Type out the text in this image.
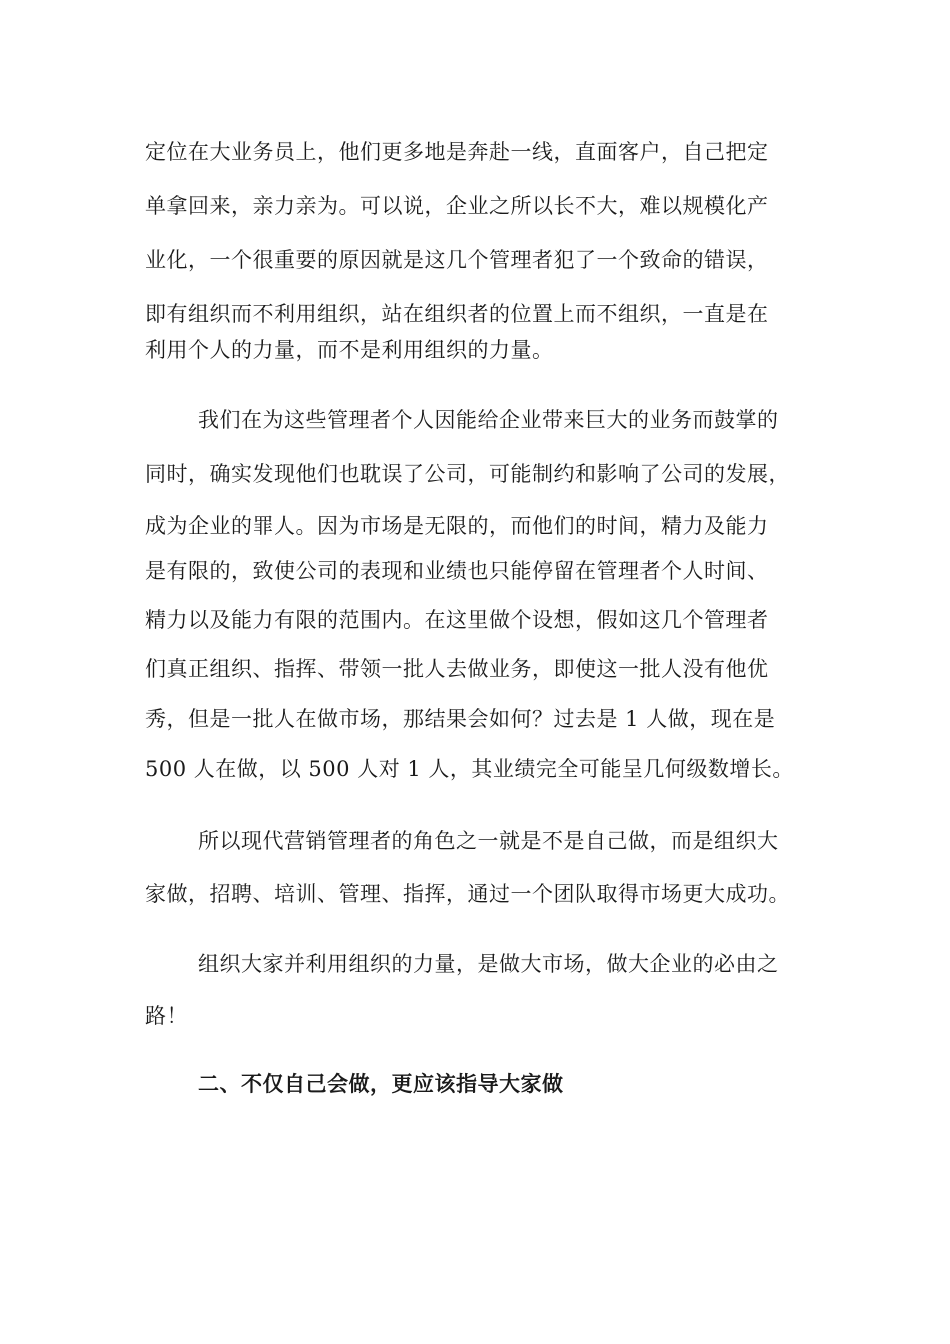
定位在大业务员上，他们更多地是奔赴一线，直面客户，自己把定
单拿回来，亲力亲为。可以说，企业之所以长不大，难以规模化产
业化，一个很重要的原因就是这几个管理者犯了一个致命的错误，
即有组织而不利用组织，站在组织者的位置上而不组织，一直是在
利用个人的力量，而不是利用组织的力量。
我们在为这些管理者个人因能给企业带来巨大的业务而鼓掌的
同时，确实发现他们也耽误了公司，可能制约和影响了公司的发展，
成为企业的罪人。因为市场是无限的，而他们的时间，精力及能力
是有限的，致使公司的表现和业绩也只能停留在管理者个人时间、
精力以及能力有限的范围内。在这里做个设想，假如这几个管理者
们真正组织、指挥、带领一批人去做业务，即使这一批人没有他优
秀，但是一批人在做市场，那结果会如何？过去是 1 人做，现在是
500 人在做，以 500 人对 1 人，其业绩完全可能呈几何级数增长。
所以现代营销管理者的角色之一就是不是自己做，而是组织大
家做，招聘、培训、管理、指挥，通过一个团队取得市场更大成功。
组织大家并利用组织的力量，是做大市场，做大企业的必由之
路！
二、不仅自己会做，更应该指导大家做
